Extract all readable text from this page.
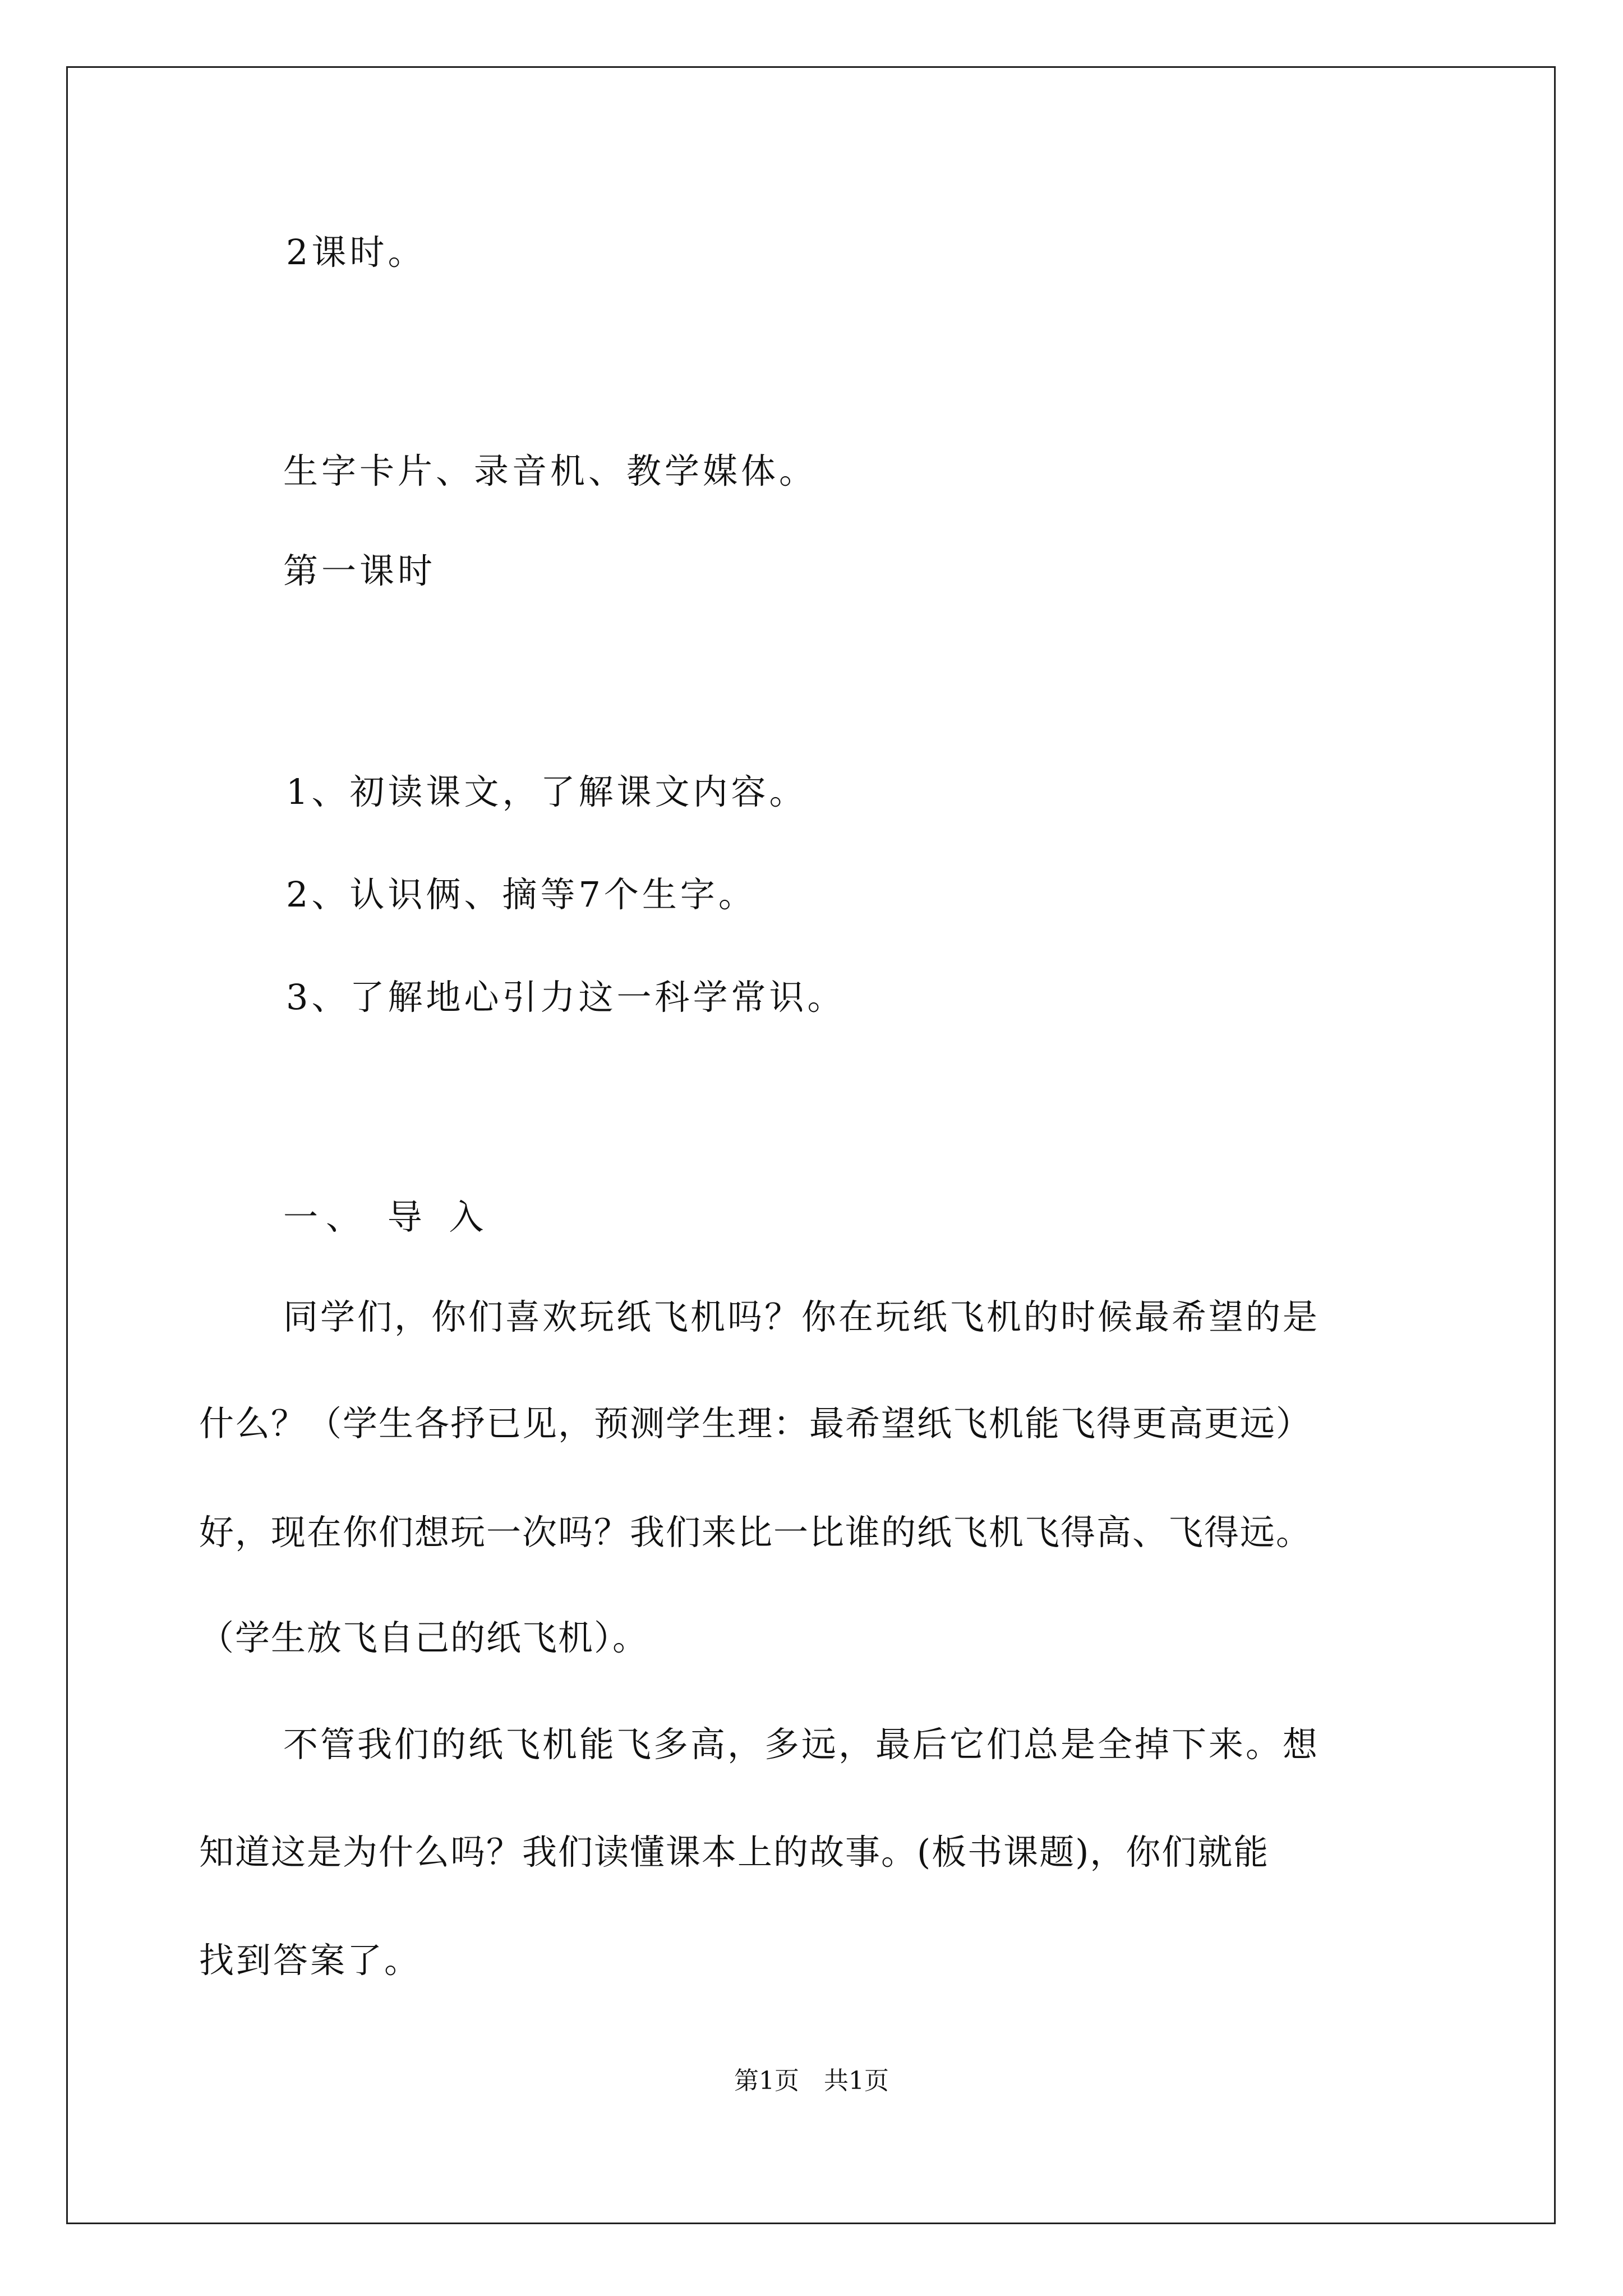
2课时。

生字卡片、录音机、教学媒体。

第一课时

1、初读课文，了解课文内容。

2、认识俩、摘等7个生字。

3、了解地心引力这一科学常识。

一、 导 入

同学们，你们喜欢玩纸飞机吗？你在玩纸飞机的时候最希望的是

什么？（学生各抒已见，预测学生理：最希望纸飞机能飞得更高更远）

好，现在你们想玩一次吗？我们来比一比谁的纸飞机飞得高、飞得远。

（学生放飞自己的纸飞机）。

不管我们的纸飞机能飞多高，多远，最后它们总是全掉下来。想

知道这是为什么吗？我们读懂课本上的故事。(板书课题)，你们就能

找到答案了。

第1页　共1页
